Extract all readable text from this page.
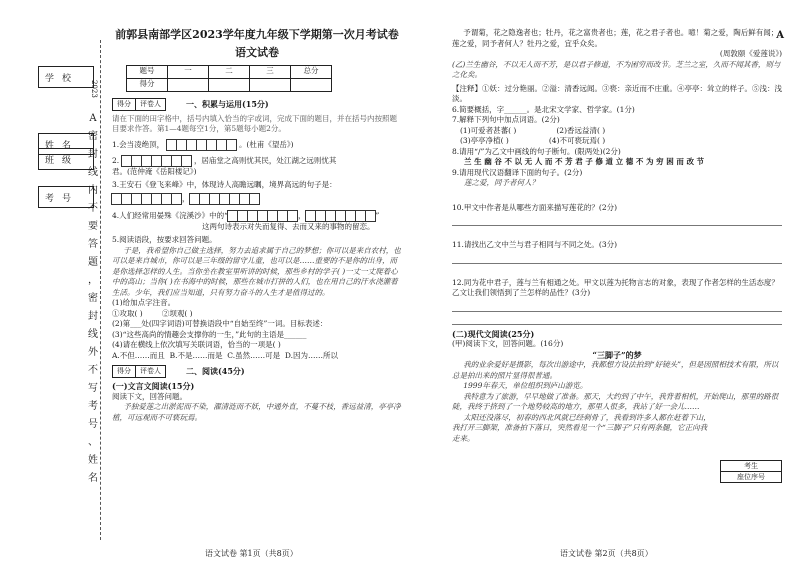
A
学校
姓名
班级
考号
2023
A
密
封
线
内
不
要
答
题
，
密
封
线
外
不
写
考
号
、
姓
名
前郭县南部学区2023学年度九年级下学期第一次月考试卷
语文试卷
题号	一	二	三	总分
得分				
得分	评卷人	一、积累与运用(15分)

请在下面的田字格中，括号内填入恰当的字或词，完成下面的题目，并在括号内按照题目要求作答。第1—4题每空1分，第5题每小题2分。

1.会当凌绝顶，	。(杜甫《望岳》)

2.	，居庙堂之高则忧其民，处江湖之远则忧其

君。(范仲淹《岳阳楼记》)

3.王安石《登飞来峰》中，体现诗人高瞻远瞩，境界高远的句子是：

，

4.人们经常用晏殊《浣溪沙》中的“	，	”

这两句诗表示对失而复得、去而又来的事物的留恋。

5.阅读语段，按要求回答问题。

于是，我希望你自己做主选择，努力去追求属于自己的梦想；你可以是来自农村，也可以是来自城市，你可以是三年级的留守儿童，也可以是……重要的不是你的出身，而是你选择怎样的人生。当你坐在教室里听讲的时候，那些乡村的学子( )一丈一丈爬着心中的高山；当你( )在书海中的时候，那些在城市打拼的人们，也在用自己的汗水浇灌着生活。少年，我们应当知道，只有努力奋斗的人生才是值得过的。

(1)给加点字注音。

①攻取( )	②坝观( )

(2)第___处(四字词语)可替换语段中“自始至终”一词。目标表述：

(3)“这些高尚的情趣会支撑你的一生，”此句的主语是______

(4)请在横线上依次填写关联词语，恰当的一项是( )

A.不但……而且 B.不是……而是 C.虽然……可是 D.因为……所以

得分	评卷人	二、阅读(45分)

(一)文言文阅读(15分)

阅读下文，回答问题。

予独爱莲之出淤泥而不染，濯清涟而不妖，中通外直，不蔓不枝，香远益清，亭亭净植，可远观而不可亵玩焉。

语文试卷 第1页（共8页）

予谓菊，花之隐逸者也；牡丹，花之富贵者也；莲，花之君子者也。噫！菊之爱，陶后鲜有闻；莲之爱，同予者何人？牡丹之爱，宜乎众矣。

(周敦颐《爱莲说》)

(乙)兰生幽谷，不以无人而不芳，是以君子修道，不为困穷而改节。芝兰之室，久而不闻其香，则与之化矣。

【注释】①妖：过分艳丽。②溢：清香远闻。③亵：亲近而不庄重。④亭亭：耸立的样子。⑤浅：浅淡。

6.简要概括，字______。是北宋文学家、哲学家。(1分)

7.解释下列句中加点词语。(2分)

(1)可爱者甚蕃( )	(2)香远益清( )

(3)亭亭净植( )	(4)不可亵玩焉( )

8.请用“/”为乙文中画线的句子断句。(限两处)(2分)

兰 生 幽 谷 不 以 无 人 而 不 芳 君 子 修 道 立 德 不 为 穷 困 而 改 节

9.请用现代汉语翻译下面的句子。(2分)

莲之爱，同予者何人？

10.甲文中作者是从哪些方面来描写莲花的？(2分)

11.请找出乙文中兰与君子相同与不同之处。(3分)

12.同为花中君子，莲与兰有相通之处。甲文以莲为托物言志的对象，表现了作者怎样的生活态度？乙文让我们领悟到了兰怎样的品性？(3分)

(二)现代文阅读(25分)

(甲)阅读下文，回答问题。(16分)

“三脚子”的梦

我的业余爱好是摄影，每次出游途中，我都想方设法拍到“好镜头”，但是因照相技术有限，所以总是拍出来的照片显得很普通。

1999年春天，单位组织到庐山游览。

我特意为了旅游，早早地做了准备。那天，大约到了中午，我背着相机，开始爬山，那里的路很陡，我终于挤到了一个地势较高的地方，那里人很多，我站了好一会儿……

太阳还没落尽，初春的西北风就已经刺骨了，我看到许多人都在赶着下山，我打开三脚架，准备拍下落日，突然看见一个“三脚子”只有两条腿，它正向我走来。

考生
座位序号
语文试卷 第2页（共8页）
